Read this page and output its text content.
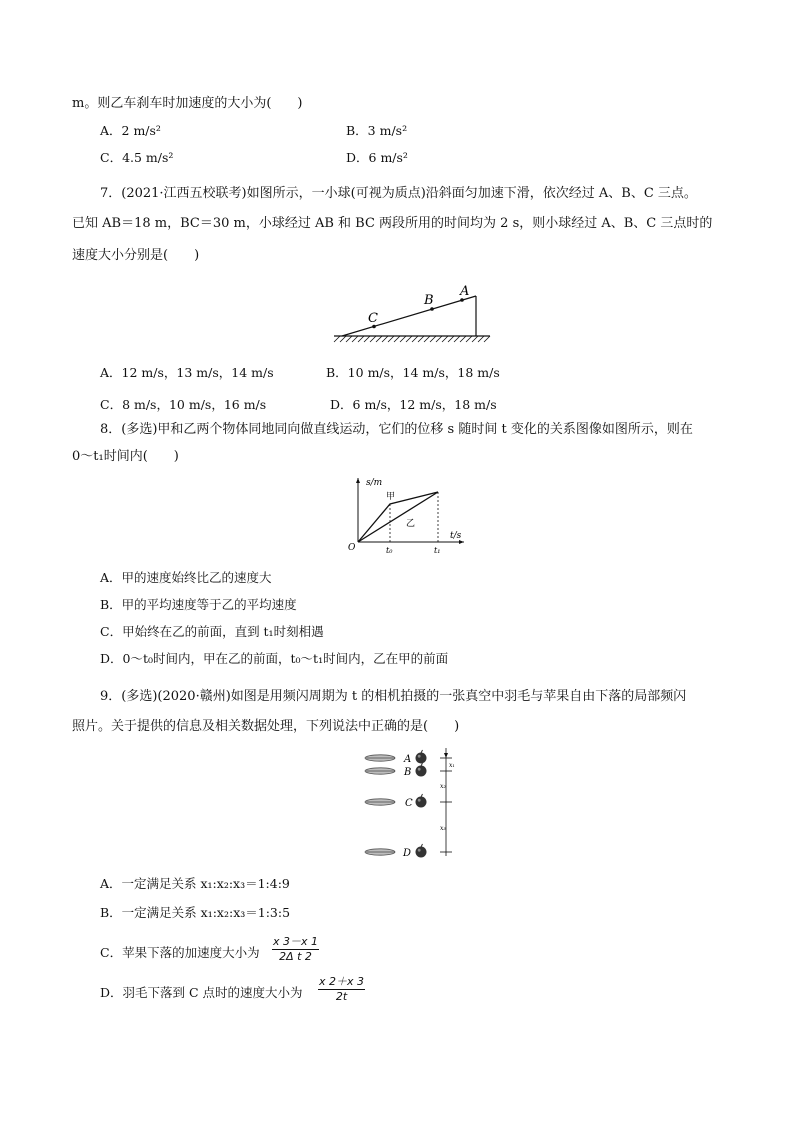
m。则乙车刹车时加速度的大小为(　　)
A．2 m/s²	B．3 m/s²
C．4.5 m/s²	D．6 m/s²
7．(2021·江西五校联考)如图所示，一小球(可视为质点)沿斜面匀加速下滑，依次经过 A、B、C 三点。
已知 AB＝18 m，BC＝30 m，小球经过 AB 和 BC 两段所用的时间均为 2 s，则小球经过 A、B、C 三点时的
速度大小分别是(　　)
A
B
C
A．12 m/s，13 m/s，14 m/s	B．10 m/s，14 m/s，18 m/s
C．8 m/s，10 m/s，16 m/s	D．6 m/s，12 m/s，18 m/s
8．(多选)甲和乙两个物体同地同向做直线运动，它们的位移 s 随时间 t 变化的关系图像如图所示，则在
0～t₁时间内(　　)
s/m
t/s
O	t₀	t₁
甲
乙
A．甲的速度始终比乙的速度大
B．甲的平均速度等于乙的平均速度
C．甲始终在乙的前面，直到 t₁时刻相遇
D．0～t₀时间内，甲在乙的前面，t₀～t₁时间内，乙在甲的前面
9．(多选)(2020·赣州)如图是用频闪周期为 t 的相机拍摄的一张真空中羽毛与苹果自由下落的局部频闪
照片。关于提供的信息及相关数据处理，下列说法中正确的是(　　)
A
B
C
D
x₁
x₂
x₃
A．一定满足关系 x₁:x₂:x₃＝1:4:9
B．一定满足关系 x₁:x₂:x₃＝1:3:5
C．苹果下落的加速度大小为 $\frac{x 3-x 1}{\text{2Δ t 2}}$
D．羽毛下落到 C 点时的速度大小为 $\frac{x 2+x 3}{2t}$
